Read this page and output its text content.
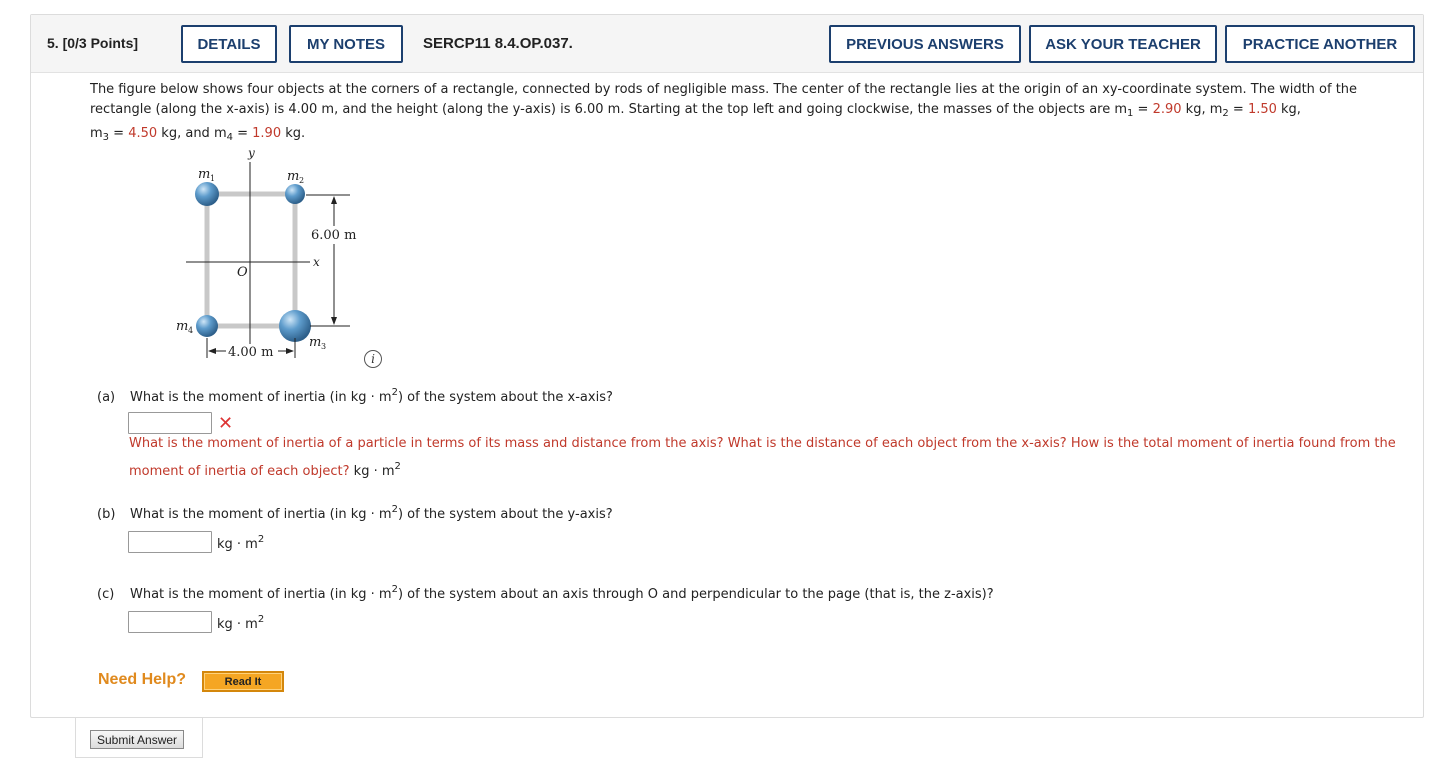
5. [0/3 Points]	DETAILS	MY NOTES	SERCP11 8.4.OP.037.	PREVIOUS ANSWERS	ASK YOUR TEACHER	PRACTICE ANOTHER
The figure below shows four objects at the corners of a rectangle, connected by rods of negligible mass. The center of the rectangle lies at the origin of an xy-coordinate system. The width of the
rectangle (along the x-axis) is 4.00 m, and the height (along the y-axis) is 6.00 m. Starting at the top left and going clockwise, the masses of the objects are $m_1 = 2.90$ kg, $m_2 = 1.50$ kg,
$m_3 = 4.50$ kg, and $m_4 = 1.90$ kg.
6.00 m
4.00 m
m 1	m 2
m 3
m 4
y
x
O
i
(a) What is the moment of inertia (in kg · $m^2$) of the system about the x-axis?
✕
What is the moment of inertia of a particle in terms of its mass and distance from the axis? What is the distance of each object from the x-axis? How is the total moment of inertia found from the moment of inertia of each object? kg · $m^2$
(b) What is the moment of inertia (in kg · $m^2$) of the system about the y-axis?
kg · $m^2$
(c) What is the moment of inertia (in kg · $m^2$) of the system about an axis through O and perpendicular to the page (that is, the z-axis)?
kg · $m^2$
Need Help?	Read It
Submit Answer
